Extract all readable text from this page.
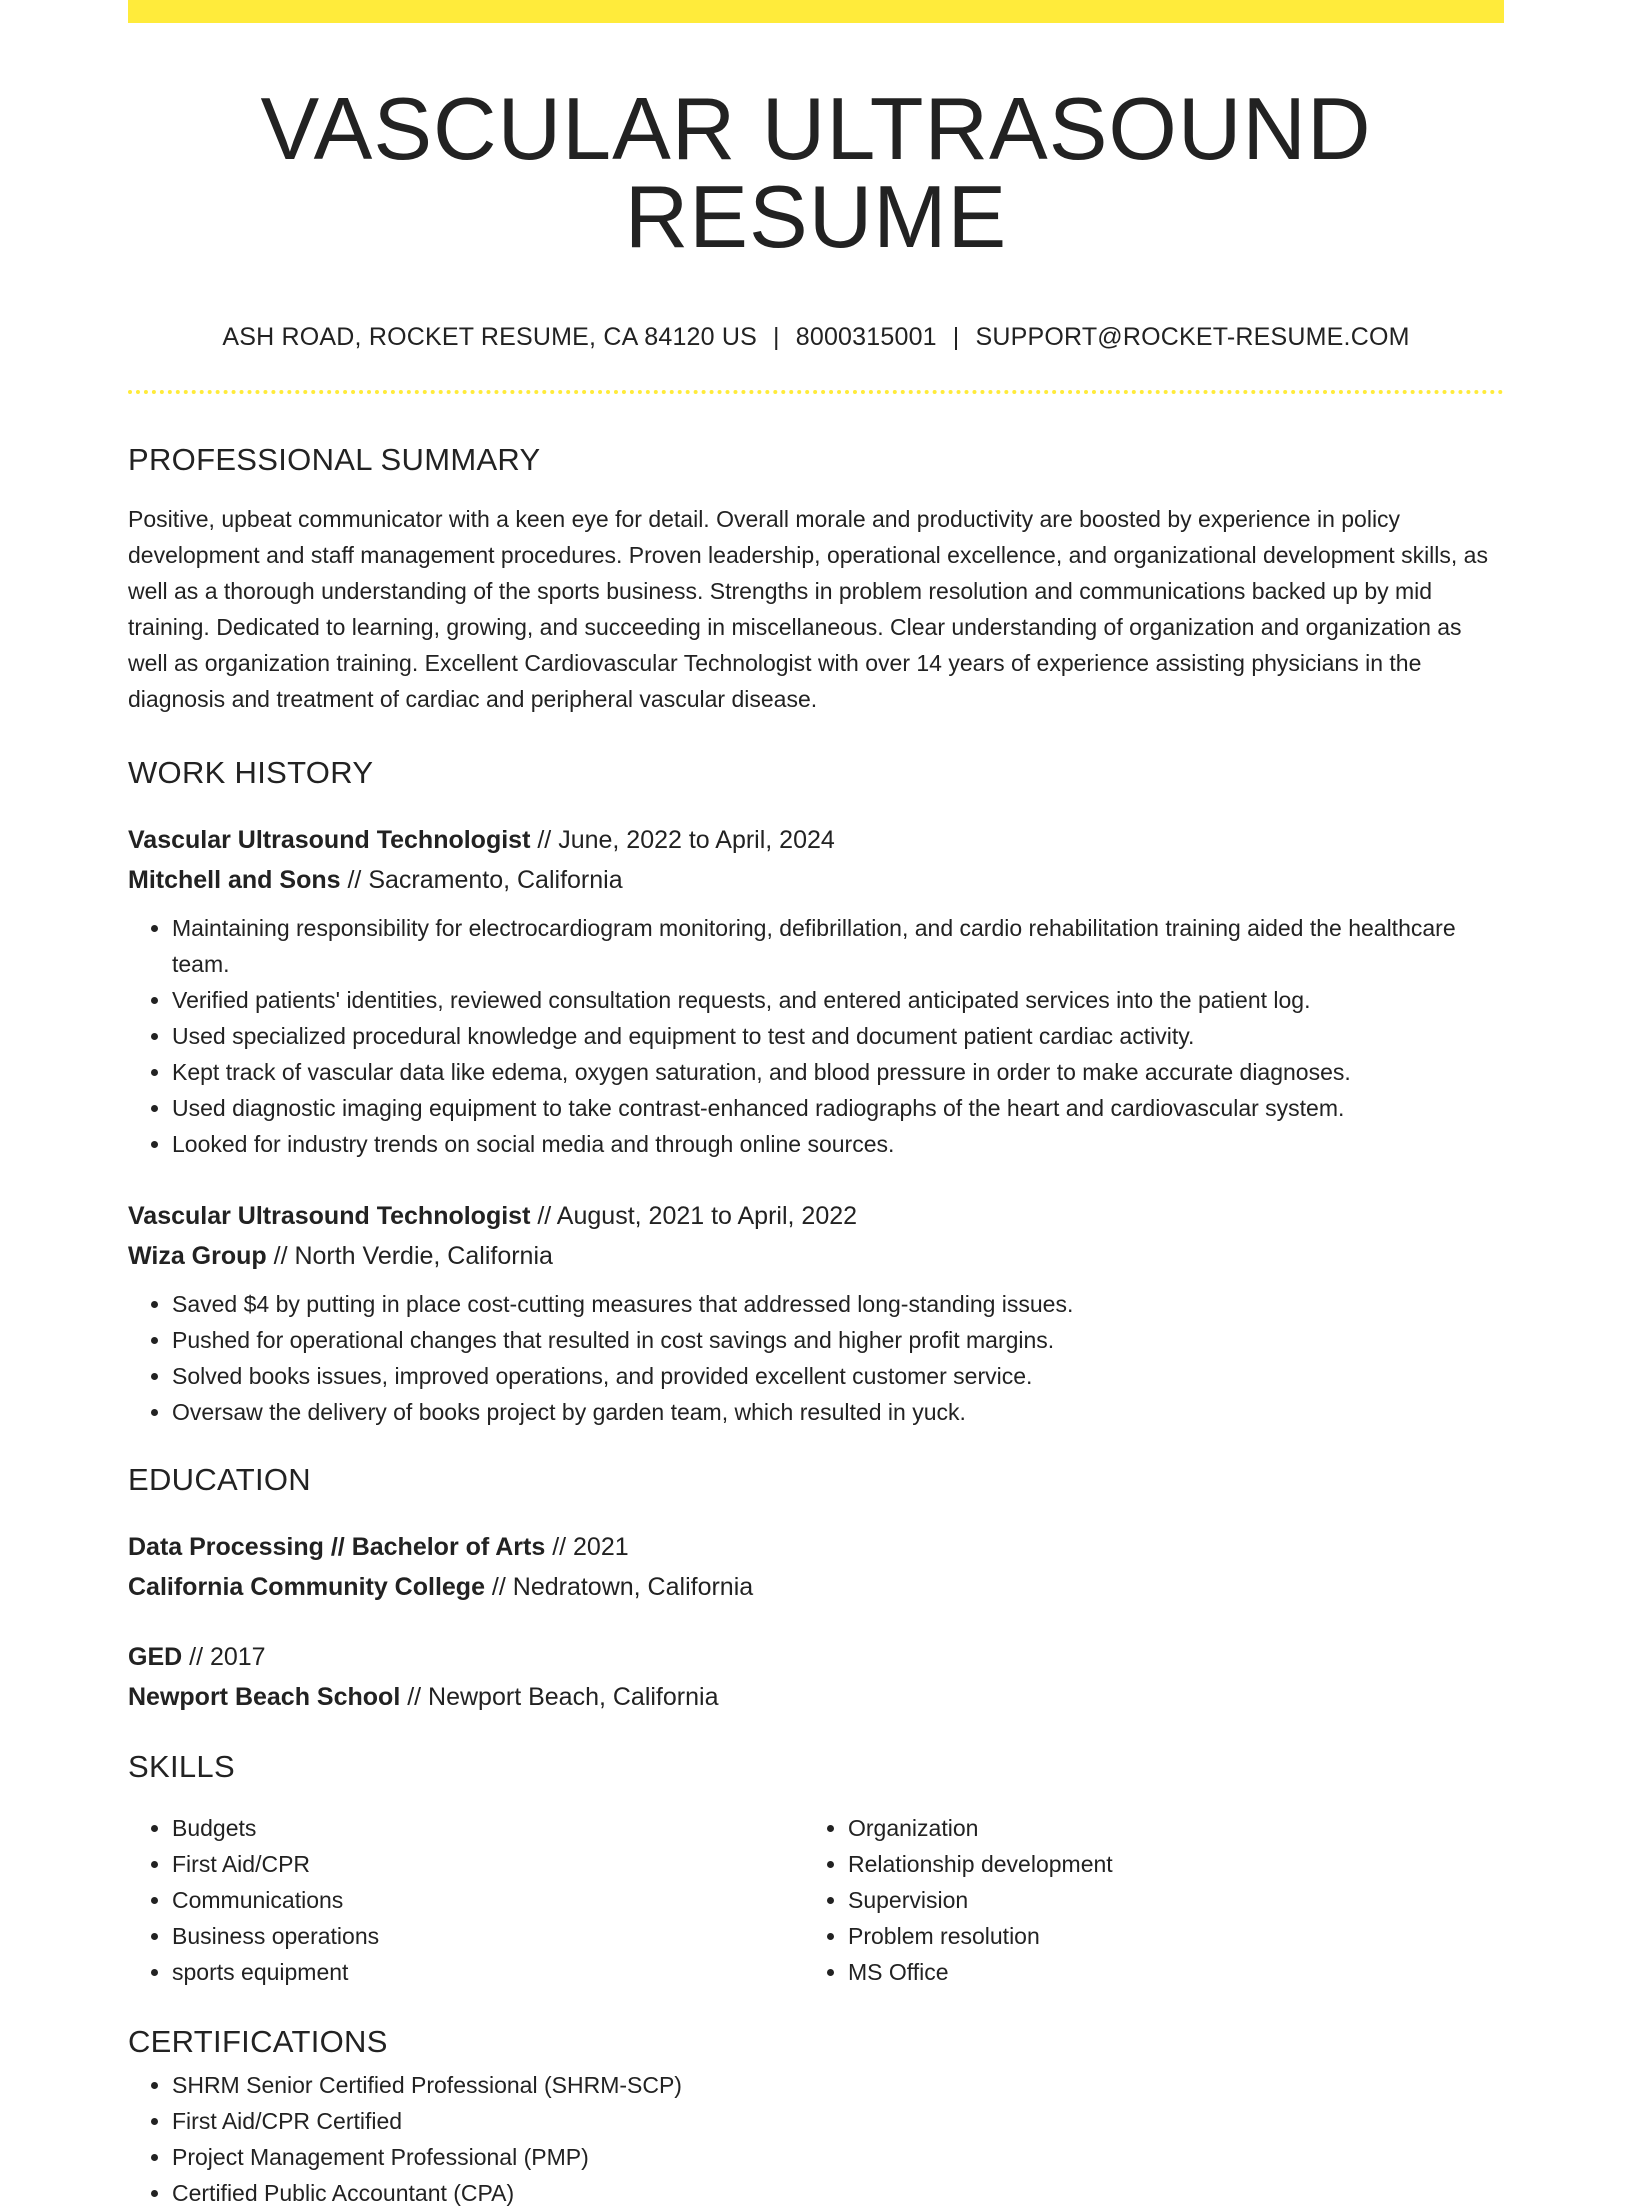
VASCULAR ULTRASOUND RESUME
ASH ROAD, ROCKET RESUME, CA 84120 US | 8000315001 | SUPPORT@ROCKET-RESUME.COM
PROFESSIONAL SUMMARY
Positive, upbeat communicator with a keen eye for detail. Overall morale and productivity are boosted by experience in policy development and staff management procedures. Proven leadership, operational excellence, and organizational development skills, as well as a thorough understanding of the sports business. Strengths in problem resolution and communications backed up by mid training. Dedicated to learning, growing, and succeeding in miscellaneous. Clear understanding of organization and organization as well as organization training. Excellent Cardiovascular Technologist with over 14 years of experience assisting physicians in the diagnosis and treatment of cardiac and peripheral vascular disease.
WORK HISTORY
Vascular Ultrasound Technologist // June, 2022 to April, 2024
Mitchell and Sons // Sacramento, California
• Maintaining responsibility for electrocardiogram monitoring, defibrillation, and cardio rehabilitation training aided the healthcare team.
• Verified patients' identities, reviewed consultation requests, and entered anticipated services into the patient log.
• Used specialized procedural knowledge and equipment to test and document patient cardiac activity.
• Kept track of vascular data like edema, oxygen saturation, and blood pressure in order to make accurate diagnoses.
• Used diagnostic imaging equipment to take contrast-enhanced radiographs of the heart and cardiovascular system.
• Looked for industry trends on social media and through online sources.
Vascular Ultrasound Technologist // August, 2021 to April, 2022
Wiza Group // North Verdie, California
• Saved $4 by putting in place cost-cutting measures that addressed long-standing issues.
• Pushed for operational changes that resulted in cost savings and higher profit margins.
• Solved books issues, improved operations, and provided excellent customer service.
• Oversaw the delivery of books project by garden team, which resulted in yuck.
EDUCATION
Data Processing // Bachelor of Arts // 2021
California Community College // Nedratown, California
GED // 2017
Newport Beach School // Newport Beach, California
SKILLS
• Budgets
• First Aid/CPR
• Communications
• Business operations
• sports equipment
• Organization
• Relationship development
• Supervision
• Problem resolution
• MS Office
CERTIFICATIONS
• SHRM Senior Certified Professional (SHRM-SCP)
• First Aid/CPR Certified
• Project Management Professional (PMP)
• Certified Public Accountant (CPA)
